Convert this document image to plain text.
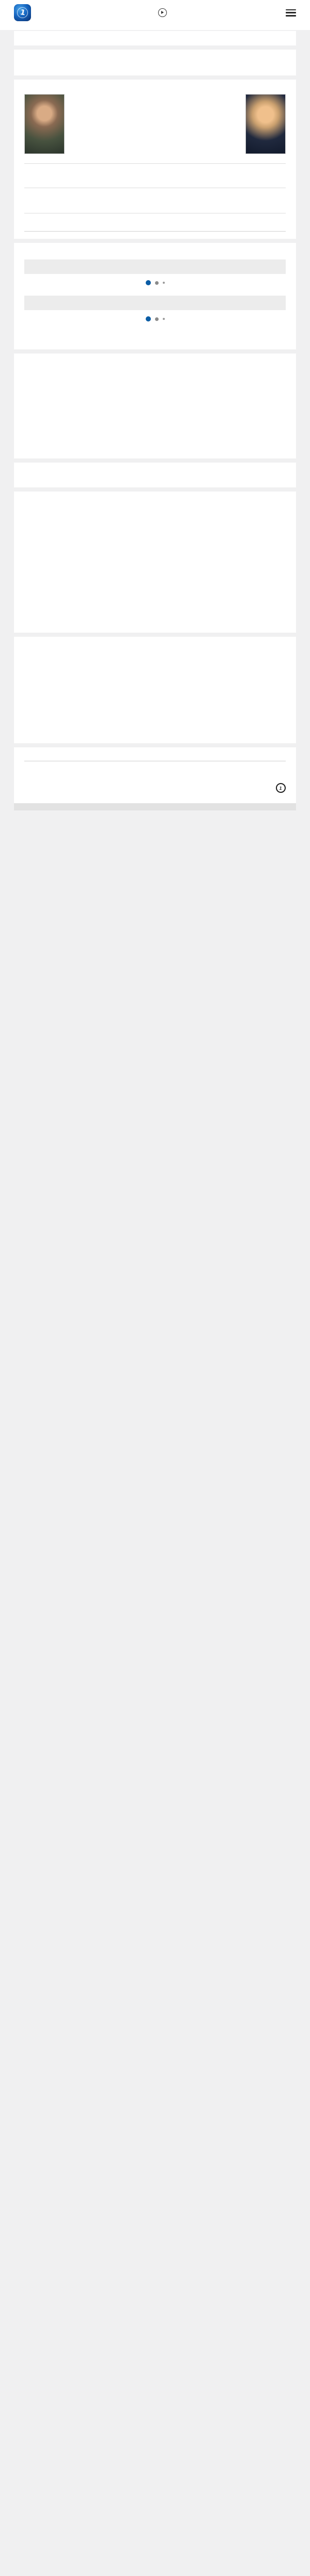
1

1
